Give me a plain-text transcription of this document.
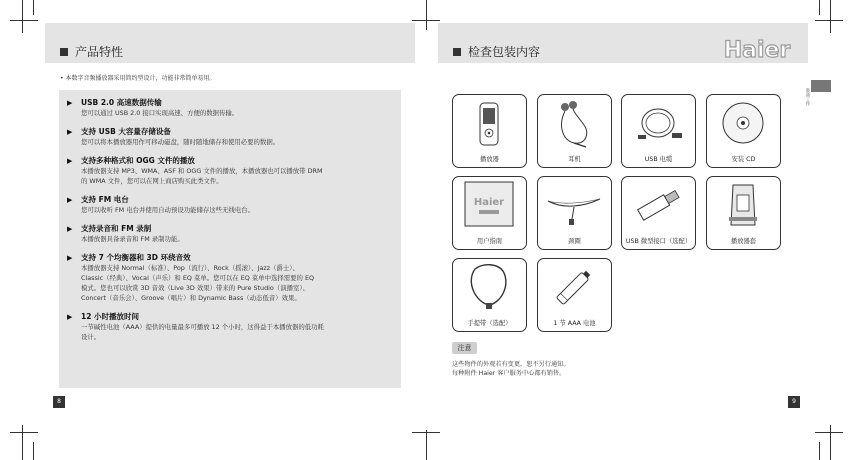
产品特性
• 本数字音频播放器采用简约型设计，功能非常简单易用。
▶ USB 2.0 高速数据传输
您可以通过 USB 2.0 接口实现高速、方便的数据传输。
▶ 支持 USB 大容量存储设备
您可以将本播放器用作可移动磁盘，随时随地储存和使用必要的数据。
▶ 支持多种格式和 OGG 文件的播放
本播放器支持 MP3、WMA、ASF 和 OGG 文件的播放，本播放器也可以播放带 DRM
的 WMA 文件，您可以在网上商店购买此类文件。
▶ 支持 FM 电台
您可以收听 FM 电台并使用自动预设功能储存这些无线电台。
▶ 支持录音和 FM 录制
本播放器具备录音和 FM 录制功能。
▶ 支持 7 个均衡器和 3D 环绕音效
本播放器支持 Normal（标准）、Pop（流行）、Rock（摇滚）、Jazz（爵士）、
Classic（经典）、Vocal（声乐）和 EQ 菜单。您可以在 EQ 菜单中选择需要的 EQ
模式。您也可以欣赏 3D 音效（Live 3D 效果）带来的 Pure Studio（演播室）、
Concert（音乐会）、Groove（唱片）和 Dynamic Bass（动态低音）效果。
▶ 12 小时播放时间
一节碱性电池（AAA）提供的电量最多可播放 12 个小时，这得益于本播放器的低功耗
设计。
8
检查包装内容	Haier
准备工作
播放器	耳机	USB 电缆	安装 CD
Haier
用户指南	颈圈	USB 微型接口（选配）	播放器套
手提带（选配）	1 节 AAA 电池
注意
这些物件的外观若有变更，恕不另行通知。
每种附件 Haier 客户服务中心都有销售。
9
